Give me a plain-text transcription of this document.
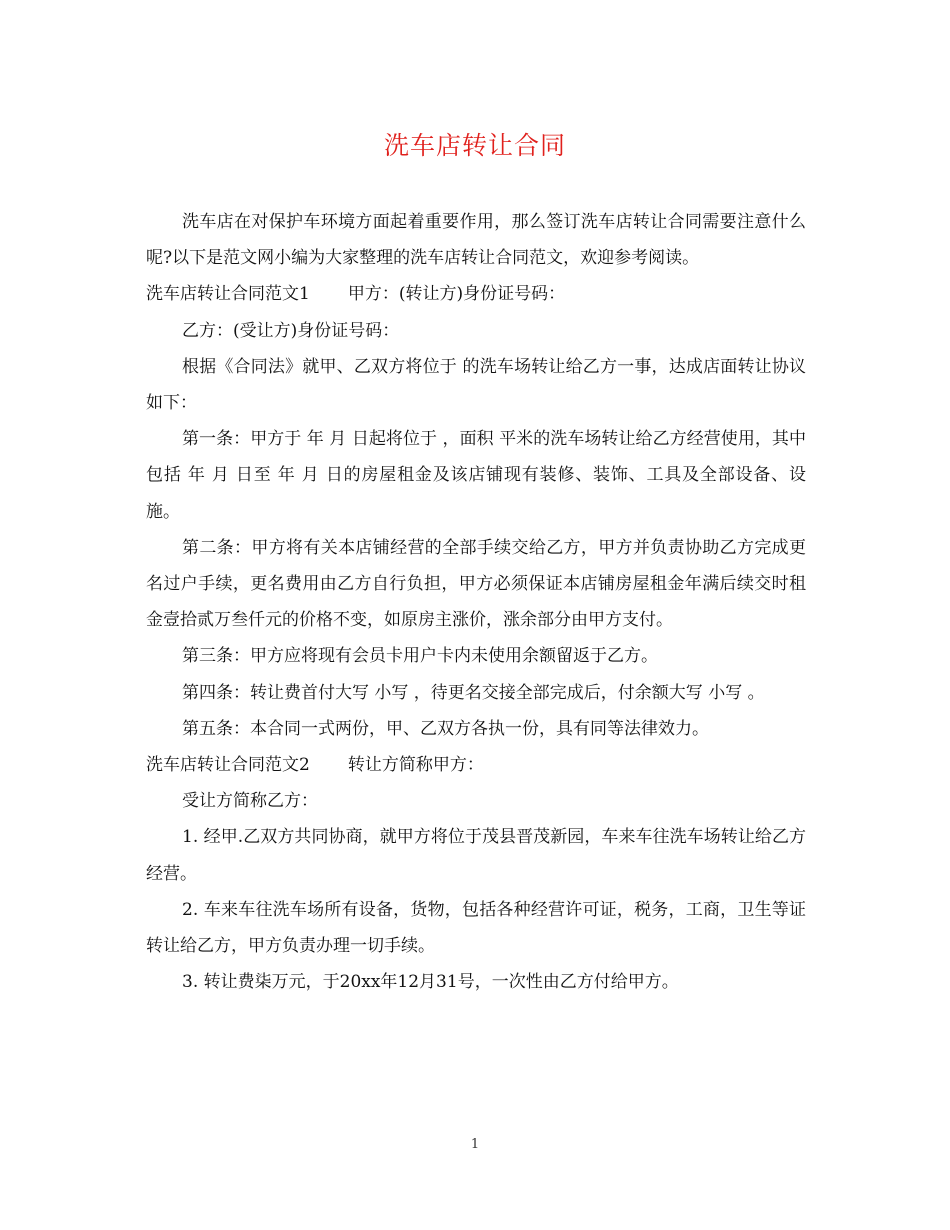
洗车店转让合同

洗车店在对保护车环境方面起着重要作用，那么签订洗车店转让合同需要注意什么呢?以下是范文网小编为大家整理的洗车店转让合同范文，欢迎参考阅读。

洗车店转让合同范文1 甲方：(转让方)身份证号码：

乙方：(受让方)身份证号码：

根据《合同法》就甲、乙双方将位于 的洗车场转让给乙方一事，达成店面转让协议如下：

第一条：甲方于 年 月 日起将位于 ，面积 平米的洗车场转让给乙方经营使用，其中包括 年 月 日至 年 月 日的房屋租金及该店铺现有装修、装饰、工具及全部设备、设施。

第二条：甲方将有关本店铺经营的全部手续交给乙方，甲方并负责协助乙方完成更名过户手续，更名费用由乙方自行负担，甲方必须保证本店铺房屋租金年满后续交时租金壹拾贰万叁仟元的价格不变，如原房主涨价，涨余部分由甲方支付。

第三条：甲方应将现有会员卡用户卡内未使用余额留返于乙方。

第四条：转让费首付大写 小写 ，待更名交接全部完成后，付余额大写 小写 。

第五条：本合同一式两份，甲、乙双方各执一份，具有同等法律效力。

洗车店转让合同范文2 转让方简称甲方：

受让方简称乙方：

1. 经甲.乙双方共同协商，就甲方将位于茂县晋茂新园，车来车往洗车场转让给乙方经营。

2. 车来车往洗车场所有设备，货物，包括各种经营许可证，税务，工商，卫生等证转让给乙方，甲方负责办理一切手续。

3. 转让费柒万元，于20xx年12月31号，一次性由乙方付给甲方。

1
